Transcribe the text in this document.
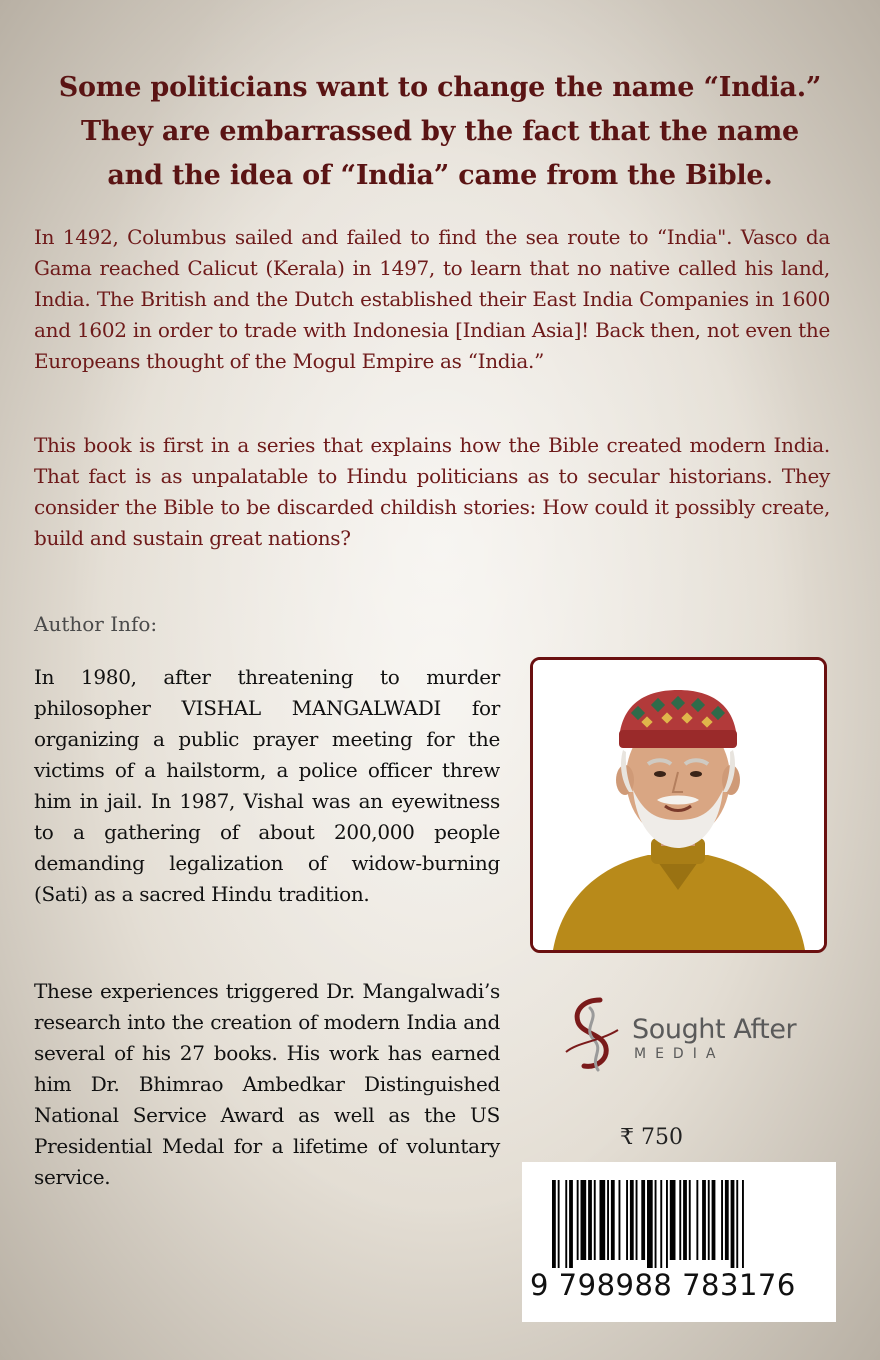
Some politicians want to change the name “India.”
They are embarrassed by the fact that the name
and the idea of “India” came from the Bible.
In 1492, Columbus sailed and failed to find the sea route to “India". Vasco da Gama reached Calicut (Kerala) in 1497, to learn that no native called his land, India. The British and the Dutch established their East India Companies in 1600 and 1602 in order to trade with Indonesia [Indian Asia]! Back then, not even the Europeans thought of the Mogul Empire as “India.”
This book is first in a series that explains how the Bible created modern India. That fact is as unpalatable to Hindu politicians as to secular historians. They consider the Bible to be discarded childish stories: How could it possibly create, build and sustain great nations?
Author Info:
In 1980, after threatening to murder philosopher VISHAL MANGALWADI for organizing a public prayer meeting for the victims of a hailstorm, a police officer threw him in jail. In 1987, Vishal was an eyewitness to a gathering of about 200,000 people demanding legalization of widow-burning (Sati) as a sacred Hindu tradition.
These experiences triggered Dr. Mangalwadi’s research into the creation of modern India and several of his 27 books. His work has earned him Dr. Bhimrao Ambedkar Distinguished National Service Award as well as the US Presidential Medal for a lifetime of voluntary service.
Sought After
MEDIA
₹ 750
9 798988 783176
